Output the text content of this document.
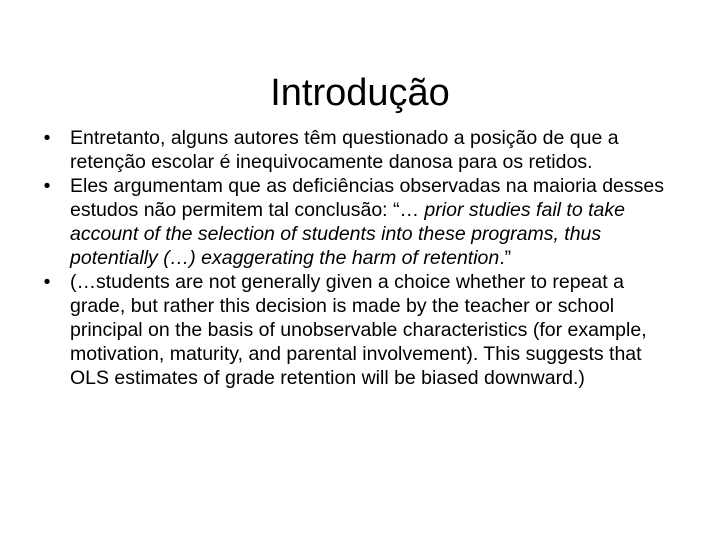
Introdução
•	Entretanto, alguns autores têm questionado a posição de que a retenção escolar é inequivocamente danosa para os retidos.
•	Eles argumentam que as deficiências observadas na maioria desses estudos não permitem tal conclusão: “… prior studies fail to take account of the selection of students into these programs, thus potentially (…) exaggerating the harm of retention.”
•	(…students are not generally given a choice whether to repeat a grade, but rather this decision is made by the teacher or school principal on the basis of unobservable characteristics (for example, motivation, maturity, and parental involvement). This suggests that OLS estimates of grade retention will be biased downward.)
